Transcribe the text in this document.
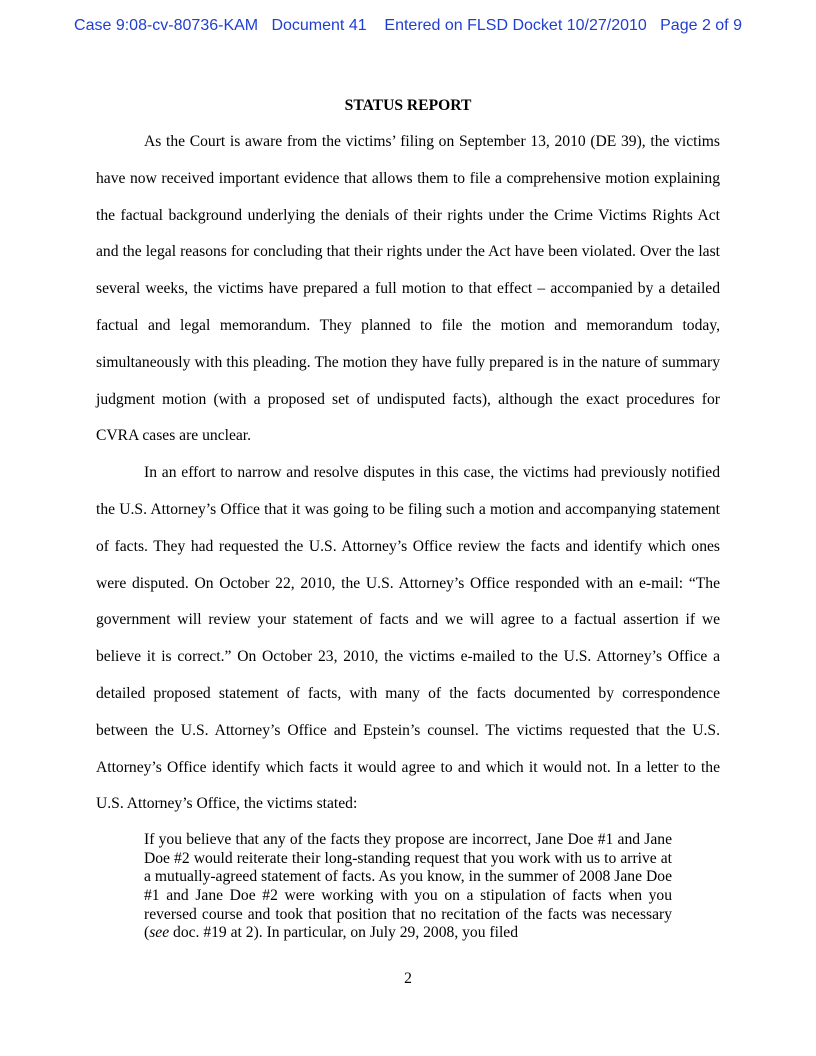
Case 9:08-cv-80736-KAM   Document 41    Entered on FLSD Docket 10/27/2010   Page 2 of 9

STATUS REPORT

As the Court is aware from the victims’ filing on September 13, 2010 (DE 39), the victims have now received important evidence that allows them to file a comprehensive motion explaining the factual background underlying the denials of their rights under the Crime Victims Rights Act and the legal reasons for concluding that their rights under the Act have been violated. Over the last several weeks, the victims have prepared a full motion to that effect – accompanied by a detailed factual and legal memorandum. They planned to file the motion and memorandum today, simultaneously with this pleading. The motion they have fully prepared is in the nature of summary judgment motion (with a proposed set of undisputed facts), although the exact procedures for CVRA cases are unclear.

In an effort to narrow and resolve disputes in this case, the victims had previously notified the U.S. Attorney’s Office that it was going to be filing such a motion and accompanying statement of facts. They had requested the U.S. Attorney’s Office review the facts and identify which ones were disputed. On October 22, 2010, the U.S. Attorney’s Office responded with an e-mail: “The government will review your statement of facts and we will agree to a factual assertion if we believe it is correct.” On October 23, 2010, the victims e-mailed to the U.S. Attorney’s Office a detailed proposed statement of facts, with many of the facts documented by correspondence between the U.S. Attorney’s Office and Epstein’s counsel. The victims requested that the U.S. Attorney’s Office identify which facts it would agree to and which it would not. In a letter to the U.S. Attorney’s Office, the victims stated:

If you believe that any of the facts they propose are incorrect, Jane Doe #1 and Jane Doe #2 would reiterate their long-standing request that you work with us to arrive at a mutually-agreed statement of facts. As you know, in the summer of 2008 Jane Doe #1 and Jane Doe #2 were working with you on a stipulation of facts when you reversed course and took that position that no recitation of the facts was necessary (see doc. #19 at 2). In particular, on July 29, 2008, you filed

2
